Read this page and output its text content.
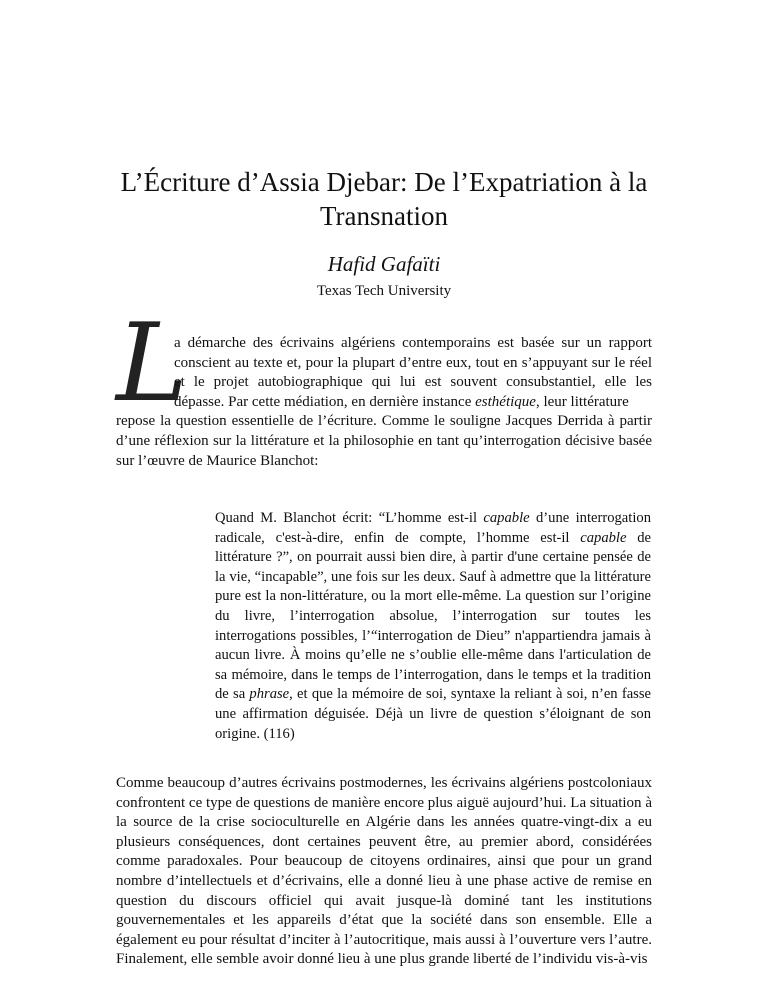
L’Écriture d’Assia Djebar: De l’Expatriation à la Transnation
Hafid Gafaïti
Texas Tech University
L
a démarche des écrivains algériens contemporains est basée sur un rapport conscient au texte et, pour la plupart d’entre eux, tout en s’appuyant sur le réel et le projet autobiographique qui lui est souvent consubstantiel, elle les dépasse. Par cette médiation, en dernière instance esthétique, leur littérature
repose la question essentielle de l’écriture. Comme le souligne Jacques Derrida à partir d’une réflexion sur la littérature et la philosophie en tant qu’interrogation décisive basée sur l’œuvre de Maurice Blanchot:
Quand M. Blanchot écrit: “L’homme est-il capable d’une interrogation radicale, c'est-à-dire, enfin de compte, l’homme est-il capable de littérature ?”, on pourrait aussi bien dire, à partir d'une certaine pensée de la vie, “incapable”, une fois sur les deux. Sauf à admettre que la littérature pure est la non-littérature, ou la mort elle-même. La question sur l’origine du livre, l’interrogation absolue, l’interrogation sur toutes les interrogations possibles, l’“interrogation de Dieu” n'appartiendra jamais à aucun livre. À moins qu’elle ne s’oublie elle-même dans l'articulation de sa mémoire, dans le temps de l’interrogation, dans le temps et la tradition de sa phrase, et que la mémoire de soi, syntaxe la reliant à soi, n’en fasse une affirmation déguisée. Déjà un livre de question s’éloignant de son origine. (116)
Comme beaucoup d’autres écrivains postmodernes, les écrivains algériens postcoloniaux confrontent ce type de questions de manière encore plus aiguë aujourd’hui. La situation à la source de la crise socioculturelle en Algérie dans les années quatre-vingt-dix a eu plusieurs conséquences, dont certaines peuvent être, au premier abord, considérées comme paradoxales. Pour beaucoup de citoyens ordinaires, ainsi que pour un grand nombre d’intellectuels et d’écrivains, elle a donné lieu à une phase active de remise en question du discours officiel qui avait jusque-là dominé tant les institutions gouvernementales et les appareils d’état que la société dans son ensemble. Elle a également eu pour résultat d’inciter à l’autocritique, mais aussi à l’ouverture vers l’autre. Finalement, elle semble avoir donné lieu à une plus grande liberté de l’individu vis-à-vis
